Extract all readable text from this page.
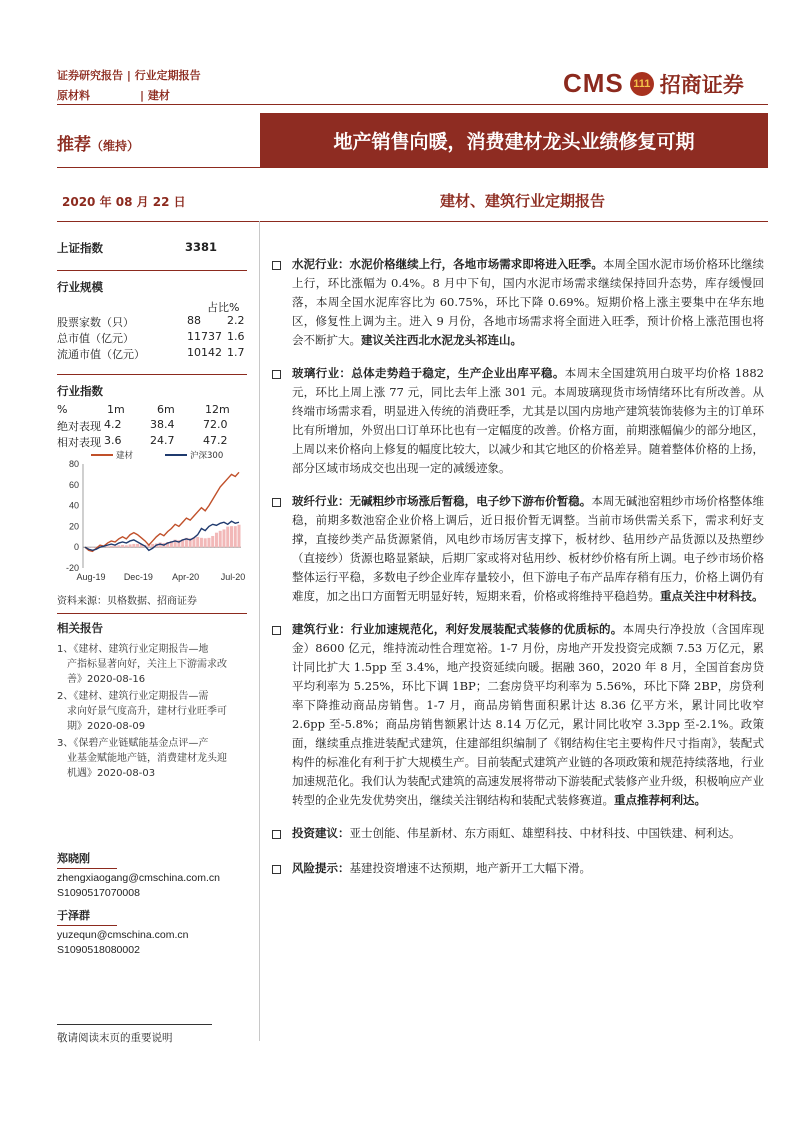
证券研究报告 | 行业定期报告
原材料	| 建材	CMS 111 招商证券
推荐（维持）	地产销售向暖，消费建材龙头业绩修复可期
2020 年 08 月 22 日	建材、建筑行业定期报告
上证指数	3381
行业规模
占比%
股票家数（只）	88 2.2
总市值（亿元）	11737 1.6
流通市值（亿元）	10142 1.7
行业指数
%	1m	6m	12m
绝对表现 4.2	38.4	72.0
相对表现 3.6	24.7	47.2
80
60
40
20
0
-20
Aug-19 Dec-19 Apr-20 Jul-20
建材	沪深300
资料来源：贝格数据、招商证券
相关报告
1、《建材、建筑行业定期报告—地
产指标显著向好，关注上下游需求改
善》2020-08-16
2、《建材、建筑行业定期报告—需
求向好景气度高升，建材行业旺季可
期》2020-08-09
3、《保碧产业链赋能基金点评—产
业基金赋能地产链，消费建材龙头迎
机遇》2020-08-03
郑晓刚
zhengxiaogang@cmschina.com.cn
S1090517070008
于泽群
yuzequn@cmschina.com.cn
S1090518080002
水泥行业：水泥价格继续上行，各地市场需求即将进入旺季。本周全国水泥市场价格环比继续上行，环比涨幅为 0.4%。8 月中下旬，国内水泥市场需求继续保持回升态势，库存缓慢回落，本周全国水泥库容比为 60.75%，环比下降 0.69%。短期价格上涨主要集中在华东地区，修复性上调为主。进入 9 月份，各地市场需求将全面进入旺季，预计价格上涨范围也将会不断扩大。建议关注西北水泥龙头祁连山。
玻璃行业：总体走势趋于稳定，生产企业出库平稳。本周末全国建筑用白玻平均价格 1882 元，环比上周上涨 77 元，同比去年上涨 301 元。本周玻璃现货市场情绪环比有所改善。从终端市场需求看，明显进入传统的消费旺季，尤其是以国内房地产建筑装饰装修为主的订单环比有所增加，外贸出口订单环比也有一定幅度的改善。价格方面，前期涨幅偏少的部分地区，上周以来价格向上修复的幅度比较大，以减少和其它地区的价格差异。随着整体价格的上扬，部分区域市场成交也出现一定的减缓迹象。
玻纤行业：无碱粗纱市场涨后暂稳，电子纱下游布价暂稳。本周无碱池窑粗纱市场价格整体维稳，前期多数池窑企业价格上调后，近日报价暂无调整。当前市场供需关系下，需求利好支撑，直接纱类产品货源紧俏，风电纱市场厉害支撑下，板材纱、毡用纱产品货源以及热塑纱（直接纱）货源也略显紧缺，后期厂家或将对毡用纱、板材纱价格有所上调。电子纱市场价格整体运行平稳，多数电子纱企业库存量较小，但下游电子布产品库存稍有压力，价格上调仍有难度，加之出口方面暂无明显好转，短期来看，价格或将维持平稳趋势。重点关注中材科技。
建筑行业：行业加速规范化，利好发展装配式装修的优质标的。本周央行净投放（含国库现金）8600 亿元，维持流动性合理宽裕。1-7 月份，房地产开发投资完成额 7.53 万亿元，累计同比扩大 1.5pp 至 3.4%，地产投资延续向暖。据融 360，2020 年 8 月，全国首套房贷平均利率为 5.25%，环比下调 1BP；二套房贷平均利率为 5.56%，环比下降 2BP，房贷利率下降推动商品房销售。1-7 月，商品房销售面积累计达 8.36 亿平方米，累计同比收窄 2.6pp 至-5.8%；商品房销售额累计达 8.14 万亿元，累计同比收窄 3.3pp 至-2.1%。政策面，继续重点推进装配式建筑，住建部组织编制了《钢结构住宅主要构件尺寸指南》，装配式构件的标准化有利于扩大规模生产。目前装配式建筑产业链的各项政策和规范持续落地，行业加速规范化。我们认为装配式建筑的高速发展将带动下游装配式装修产业升级，积极响应产业转型的企业先发优势突出，继续关注钢结构和装配式装修赛道。重点推荐柯利达。
投资建议：亚士创能、伟星新材、东方雨虹、雄塑科技、中材科技、中国铁建、柯利达。
风险提示：基建投资增速不达预期，地产新开工大幅下滑。
敬请阅读末页的重要说明
